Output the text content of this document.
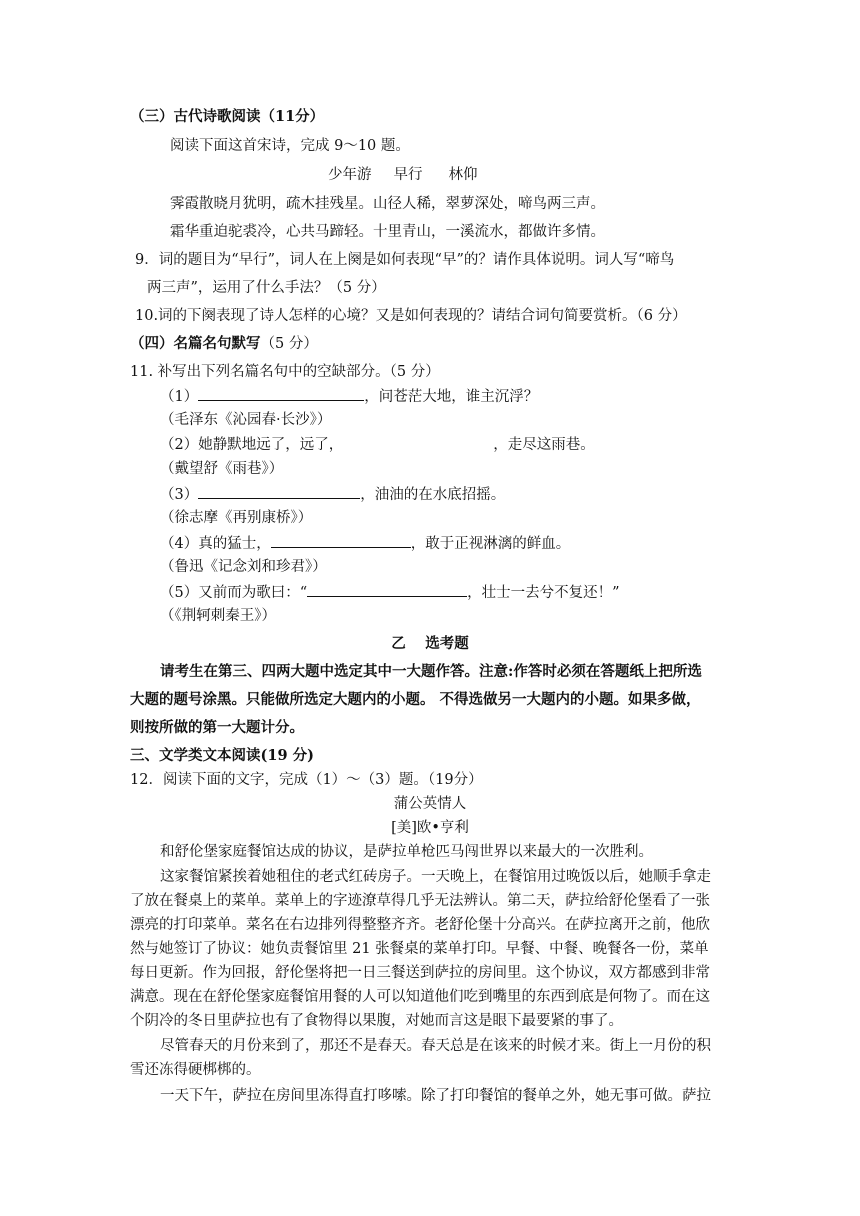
（三）古代诗歌阅读（11分）
阅读下面这首宋诗，完成 9～10 题。
少年游 早行 林仰
霁霞散晓月犹明，疏木挂残星。山径人稀，翠萝深处，啼鸟两三声。
霜华重迫驼裘冷，心共马蹄轻。十里青山，一溪流水，都做许多情。
9．词的题目为“早行”，词人在上阕是如何表现“早”的？请作具体说明。词人写“啼鸟
两三声”，运用了什么手法？（5 分）
10.词的下阕表现了诗人怎样的心境？又是如何表现的？请结合词句简要赏析。（6 分）
（四）名篇名句默写（5 分）
11. 补写出下列名篇名句中的空缺部分。（5 分）
（1）	，问苍茫大地，谁主沉浮？
（毛泽东《沁园春·长沙》）
（2）她静默地远了，远了，	，走尽这雨巷。
（戴望舒《雨巷》）
（3）	，油油的在水底招摇。
（徐志摩《再别康桥》）
（4）真的猛士，	，敢于正视淋漓的鲜血。
（鲁迅《记念刘和珍君》）
（5）又前而为歌曰：“	，壮士一去兮不复还！”
（《荆轲刺秦王》）
乙　 选考题
请考生在第三、四两大题中选定其中一大题作答。注意:作答时必须在答题纸上把所选
大题的题号涂黑。只能做所选定大题内的小题。 不得选做另一大题内的小题。如果多做，
则按所做的第一大题计分。
三、文学类文本阅读(19 分)
12．阅读下面的文字，完成（1）～（3）题。（19分）
蒲公英情人
[美]欧•亨利
和舒伦堡家庭餐馆达成的协议，是萨拉单枪匹马闯世界以来最大的一次胜利。
这家餐馆紧挨着她租住的老式红砖房子。一天晚上，在餐馆用过晚饭以后，她顺手拿走
了放在餐桌上的菜单。菜单上的字迹潦草得几乎无法辨认。第二天，萨拉给舒伦堡看了一张
漂亮的打印菜单。菜名在右边排列得整整齐齐。老舒伦堡十分高兴。在萨拉离开之前，他欣
然与她签订了协议：她负责餐馆里 21 张餐桌的菜单打印。早餐、中餐、晚餐各一份，菜单
每日更新。作为回报，舒伦堡将把一日三餐送到萨拉的房间里。这个协议，双方都感到非常
满意。现在在舒伦堡家庭餐馆用餐的人可以知道他们吃到嘴里的东西到底是何物了。而在这
个阴冷的冬日里萨拉也有了食物得以果腹，对她而言这是眼下最要紧的事了。
尽管春天的月份来到了，那还不是春天。春天总是在该来的时候才来。街上一月份的积
雪还冻得硬梆梆的。
一天下午，萨拉在房间里冻得直打哆嗦。除了打印餐馆的餐单之外，她无事可做。萨拉
